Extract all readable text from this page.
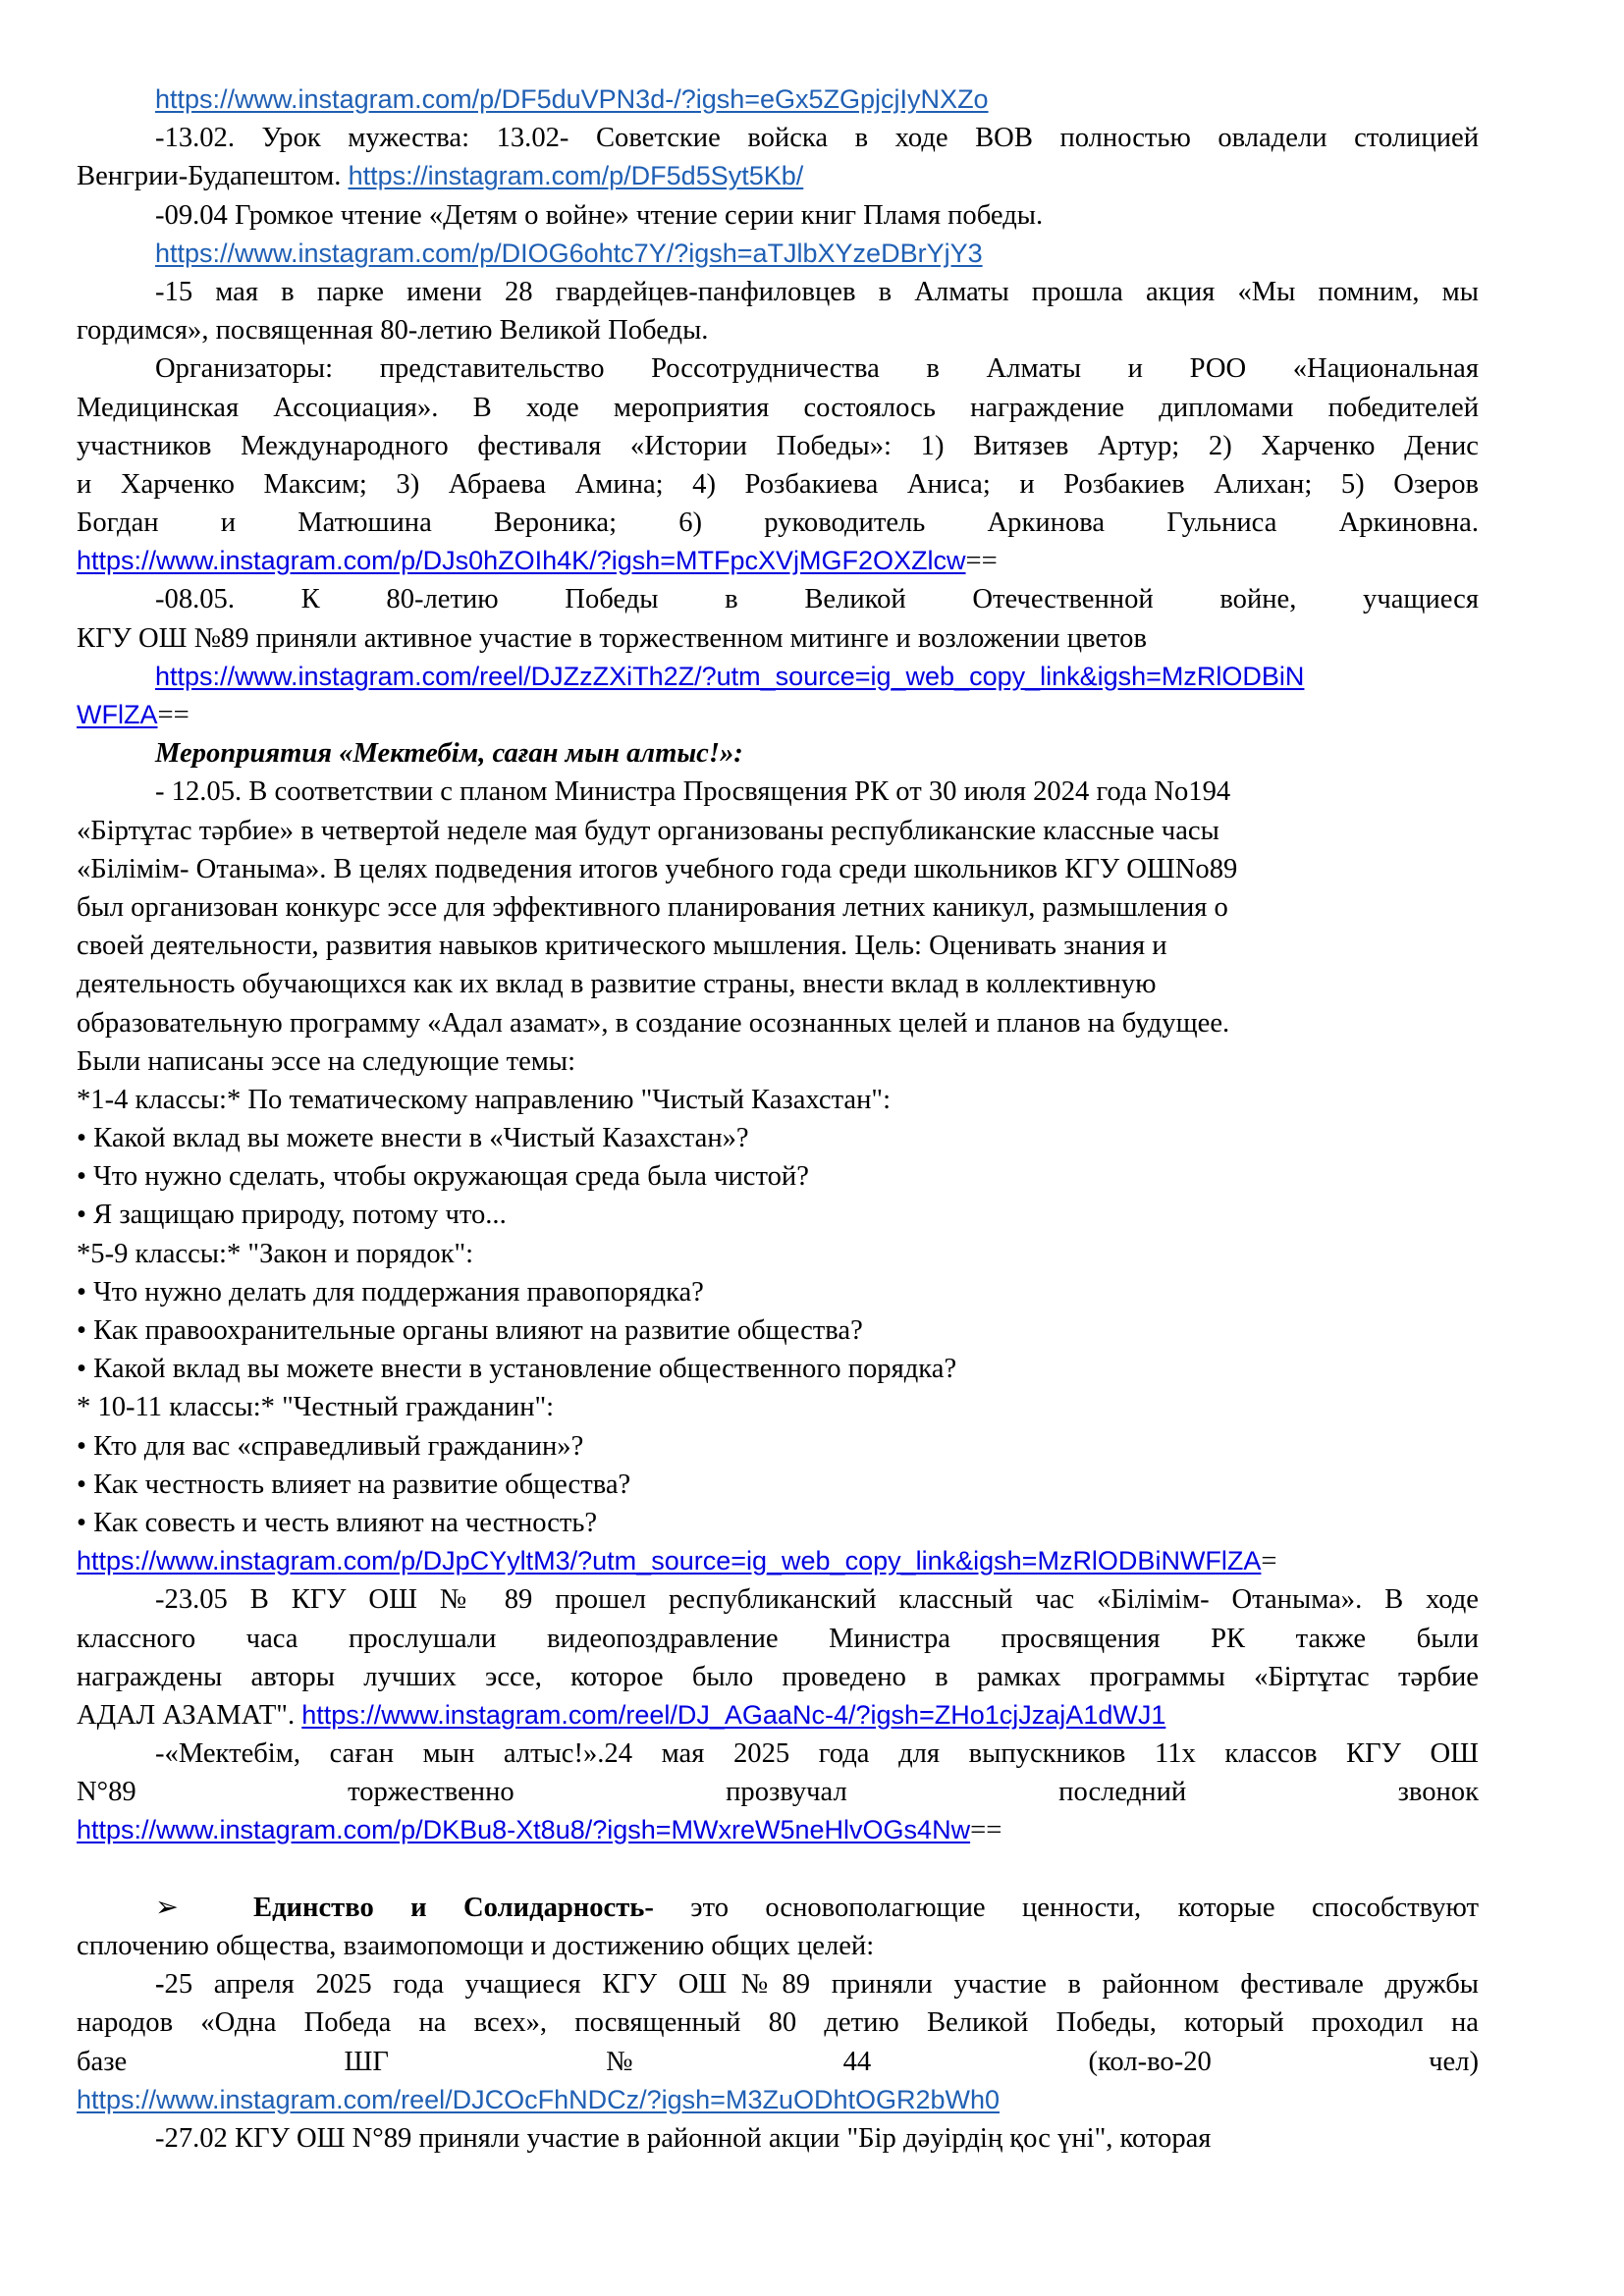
https://www.instagram.com/p/DF5duVPN3d-/?igsh=eGx5ZGpjcjIyNXZo
-13.02. Урок мужества: 13.02- Советские войска в ходе ВОВ полностью овладели столицией
Венгрии-Будапештом. https://instagram.com/p/DF5d5Syt5Kb/
-09.04 Громкое чтение «Детям о войне» чтение серии книг Пламя победы.
https://www.instagram.com/p/DIOG6ohtc7Y/?igsh=aTJlbXYzeDBrYjY3
-15 мая в парке имени 28 гвардейцев-панфиловцев в Алматы прошла акция «Мы помним, мы
гордимся», посвященная 80-летию Великой Победы.
Организаторы: представительство Россотрудничества в Алматы и РОО «Национальная
Медицинская Ассоциация». В ходе мероприятия состоялось награждение дипломами победителей
участников Международного фестиваля «Истории Победы»: 1) Витязев Артур; 2) Харченко Денис
и Харченко Максим; 3) Абраева Амина; 4) Розбакиева Аниса; и Розбакиев Алихан; 5) Озеров
Богдан и Матюшина Вероника; 6) руководитель Аркинова Гульниса Аркиновна.
https://www.instagram.com/p/DJs0hZOIh4K/?igsh=MTFpcXVjMGF2OXZlcw==
-08.05. К 80-летию Победы в Великой Отечественной войне, учащиеся
КГУ ОШ №89 приняли активное участие в торжественном митинге и возложении цветов
https://www.instagram.com/reel/DJZzZXiTh2Z/?utm_source=ig_web_copy_link&igsh=MzRlODBiN
WFlZA==
Мероприятия «Мектебім, саған мын алтыс!»:
- 12.05. В соответствии с планом Министра Просвящения РК от 30 июля 2024 года No194
«Біртұтас тәрбие» в четвертой неделе мая будут организованы республиканские классные часы
«Білімім- Отаныма». В целях подведения итогов учебного года среди школьников КГУ ОШNo89
был организован конкурс эссе для эффективного планирования летних каникул, размышления о
своей деятельности, развития навыков критического мышления. Цель: Оценивать знания и
деятельность обучающихся как их вклад в развитие страны, внести вклад в коллективную
образовательную программу «Адал азамат», в создание осознанных целей и планов на будущее.
Были написаны эссе на следующие темы:
*1-4 классы:* По тематическому направлению "Чистый Казахстан":
• Какой вклад вы можете внести в «Чистый Казахстан»?
• Что нужно сделать, чтобы окружающая среда была чистой?
• Я защищаю природу, потому что...
*5-9 классы:* "Закон и порядок":
• Что нужно делать для поддержания правопорядка?
• Как правоохранительные органы влияют на развитие общества?
• Какой вклад вы можете внести в установление общественного порядка?
* 10-11 классы:* "Честный гражданин":
• Кто для вас «справедливый гражданин»?
• Как честность влияет на развитие общества?
• Как совесть и честь влияют на честность?
https://www.instagram.com/p/DJpCYyltM3/?utm_source=ig_web_copy_link&igsh=MzRlODBiNWFlZA=
-23.05 В КГУ ОШ № 89 прошел республиканский классный час «Білімім- Отаныма». В ходе
классного часа прослушали видеопоздравление Министра просвящения РК также были
награждены авторы лучших эссе, которое было проведено в рамках программы «Біртұтас тәрбие
АДАЛ АЗАМАТ". https://www.instagram.com/reel/DJ_AGaaNc-4/?igsh=ZHo1cjJzajA1dWJ1
-«Мектебім, саған мын алтыс!».24 мая 2025 года для выпускников 11х классов КГУ ОШ
N°89 торжественно прозвучал последний звонок
https://www.instagram.com/p/DKBu8-Xt8u8/?igsh=MWxreW5neHlvOGs4Nw==
➢	Единство и Солидарность- это основополагющие ценности, которые способствуют
сплочению общества, взаимопомощи и достижению общих целей:
-25 апреля 2025 года учащиеся КГУ ОШ№89 приняли участие в районном фестивале дружбы
народов «Одна Победа на всех», посвященный 80 детию Великой Победы, который проходил на
базе ШГ №44 (кол-во-20 чел)
https://www.instagram.com/reel/DJCOcFhNDCz/?igsh=M3ZuODhtOGR2bWh0
-27.02 КГУ ОШ N°89 приняли участие в районной акции "Бір дәуірдің қос үні", которая
